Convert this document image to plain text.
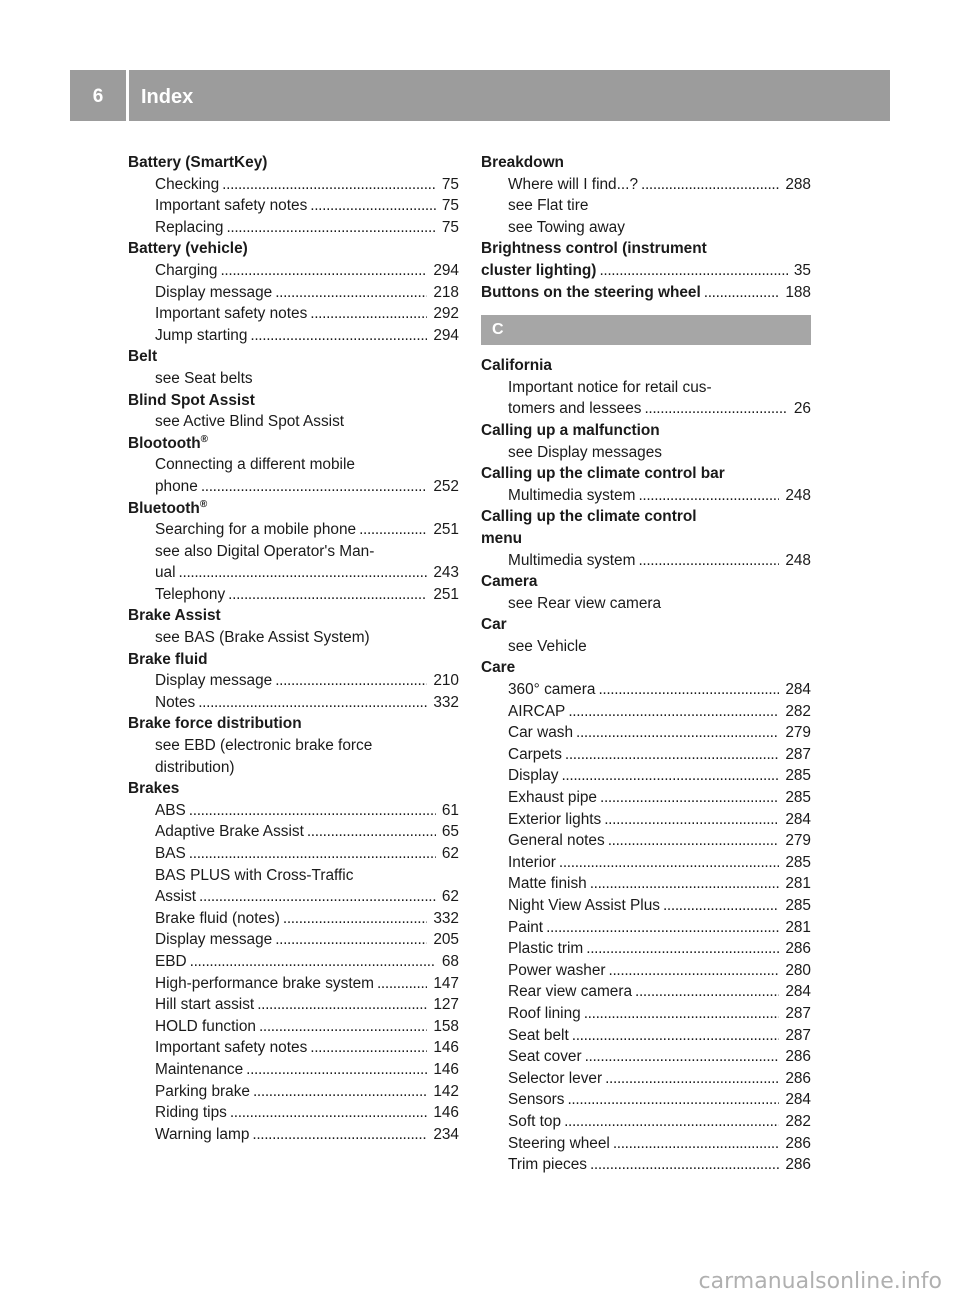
6	Index
Battery (SmartKey)
Checking . . .	75
Important safety notes . . .	75
Replacing . . .	75
Battery (vehicle)
Charging . . .	294
Display message . . .	218
Important safety notes . . .	292
Jump starting . . .	294
Belt
see Seat belts
Blind Spot Assist
see Active Blind Spot Assist
Blootooth®
Connecting a different mobile
phone . . .	252
Bluetooth®
Searching for a mobile phone . . .	251
see also Digital Operator's Man-
ual . . .	243
Telephony . . .	251
Brake Assist
see BAS (Brake Assist System)
Brake fluid
Display message . . .	210
Notes . . .	332
Brake force distribution
see EBD (electronic brake force
distribution)
Brakes
ABS . . .	61
Adaptive Brake Assist . . .	65
BAS . . .	62
BAS PLUS with Cross-Traffic
Assist . . .	62
Brake fluid (notes) . . .	332
Display message . . .	205
EBD . . .	68
High-performance brake system . . .	147
Hill start assist . . .	127
HOLD function . . .	158
Important safety notes . . .	146
Maintenance . . .	146
Parking brake . . .	142
Riding tips . . .	146
Warning lamp . . .	234
Breakdown
Where will I find...? . . .	288
see Flat tire
see Towing away
Brightness control (instrument
cluster lighting) . . .	35
Buttons on the steering wheel . . .	188
C
California
Important notice for retail cus-
tomers and lessees . . .	26
Calling up a malfunction
see Display messages
Calling up the climate control bar
Multimedia system . . .	248
Calling up the climate control
menu
Multimedia system . . .	248
Camera
see Rear view camera
Car
see Vehicle
Care
360° camera . . .	284
AIRCAP . . .	282
Car wash . . .	279
Carpets . . .	287
Display . . .	285
Exhaust pipe . . .	285
Exterior lights . . .	284
General notes . . .	279
Interior . . .	285
Matte finish . . .	281
Night View Assist Plus . . .	285
Paint . . .	281
Plastic trim . . .	286
Power washer . . .	280
Rear view camera . . .	284
Roof lining . . .	287
Seat belt . . .	287
Seat cover . . .	286
Selector lever . . .	286
Sensors . . .	284
Soft top . . .	282
Steering wheel . . .	286
Trim pieces . . .	286
carmanualsonline.info
